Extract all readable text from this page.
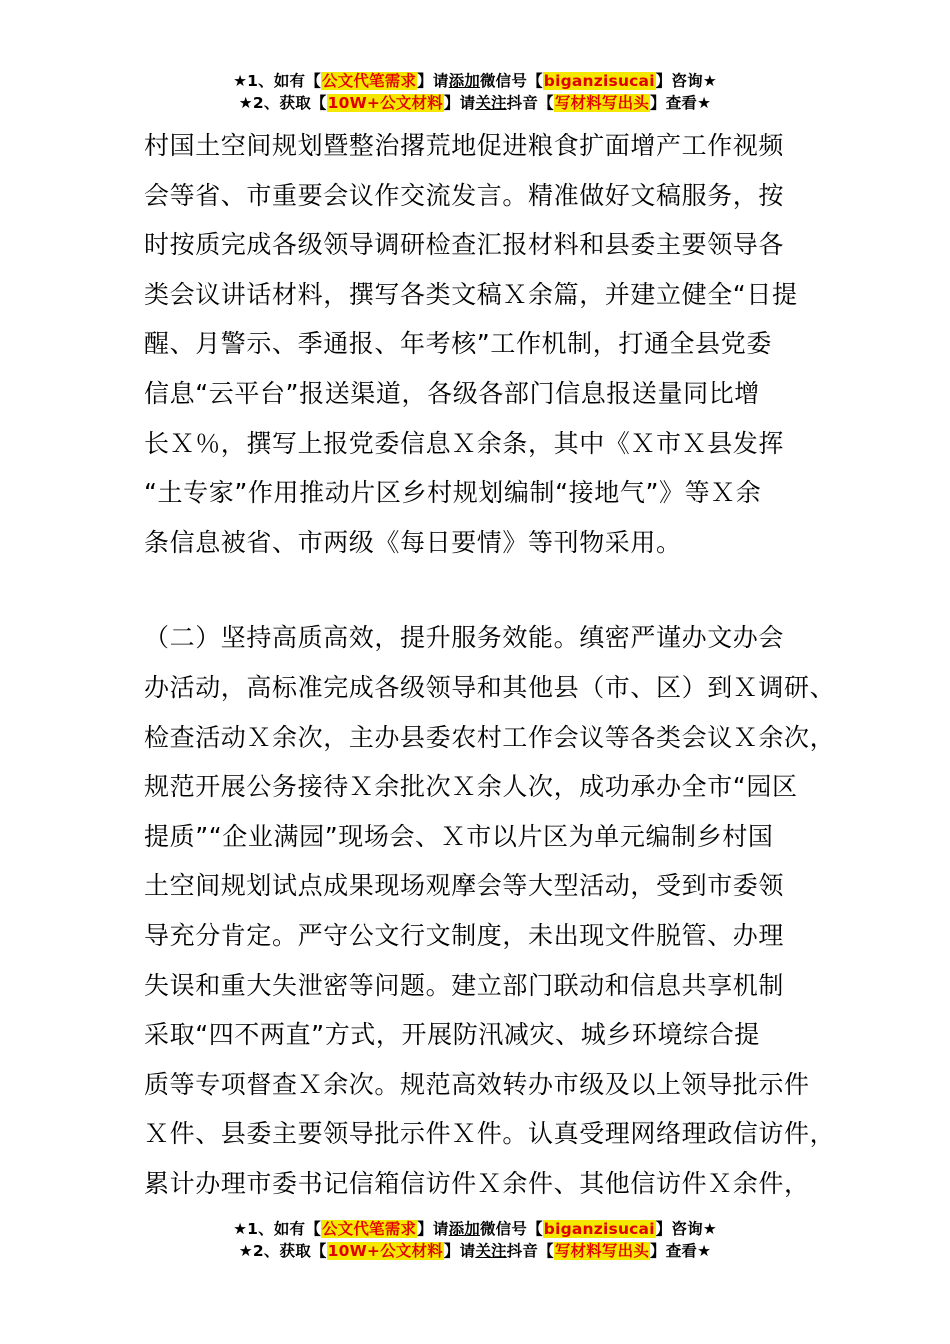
★1、如有【公文代笔需求】请添加微信号【biganzisucai】咨询★
★2、获取【10W+公文材料】请关注抖音【写材料写出头】查看★

村国土空间规划暨整治撂荒地促进粮食扩面增产工作视频
会等省、市重要会议作交流发言。精准做好文稿服务，按
时按质完成各级领导调研检查汇报材料和县委主要领导各
类会议讲话材料，撰写各类文稿Ｘ余篇，并建立健全“日提
醒、月警示、季通报、年考核”工作机制，打通全县党委
信息“云平台”报送渠道，各级各部门信息报送量同比增
长Ｘ％，撰写上报党委信息Ｘ余条，其中《Ｘ市Ｘ县发挥
“土专家”作用推动片区乡村规划编制“接地气”》等Ｘ余
条信息被省、市两级《每日要情》等刊物采用。

（二）坚持高质高效，提升服务效能。缜密严谨办文办会
办活动，高标准完成各级领导和其他县（市、区）到Ｘ调研、
检查活动Ｘ余次，主办县委农村工作会议等各类会议Ｘ余次，
规范开展公务接待Ｘ余批次Ｘ余人次，成功承办全市“园区
提质”“企业满园”现场会、Ｘ市以片区为单元编制乡村国
土空间规划试点成果现场观摩会等大型活动，受到市委领
导充分肯定。严守公文行文制度，未出现文件脱管、办理
失误和重大失泄密等问题。建立部门联动和信息共享机制
采取“四不两直”方式，开展防汛减灾、城乡环境综合提
质等专项督查Ｘ余次。规范高效转办市级及以上领导批示件
Ｘ件、县委主要领导批示件Ｘ件。认真受理网络理政信访件，
累计办理市委书记信箱信访件Ｘ余件、其他信访件Ｘ余件，

★1、如有【公文代笔需求】请添加微信号【biganzisucai】咨询★
★2、获取【10W+公文材料】请关注抖音【写材料写出头】查看★
